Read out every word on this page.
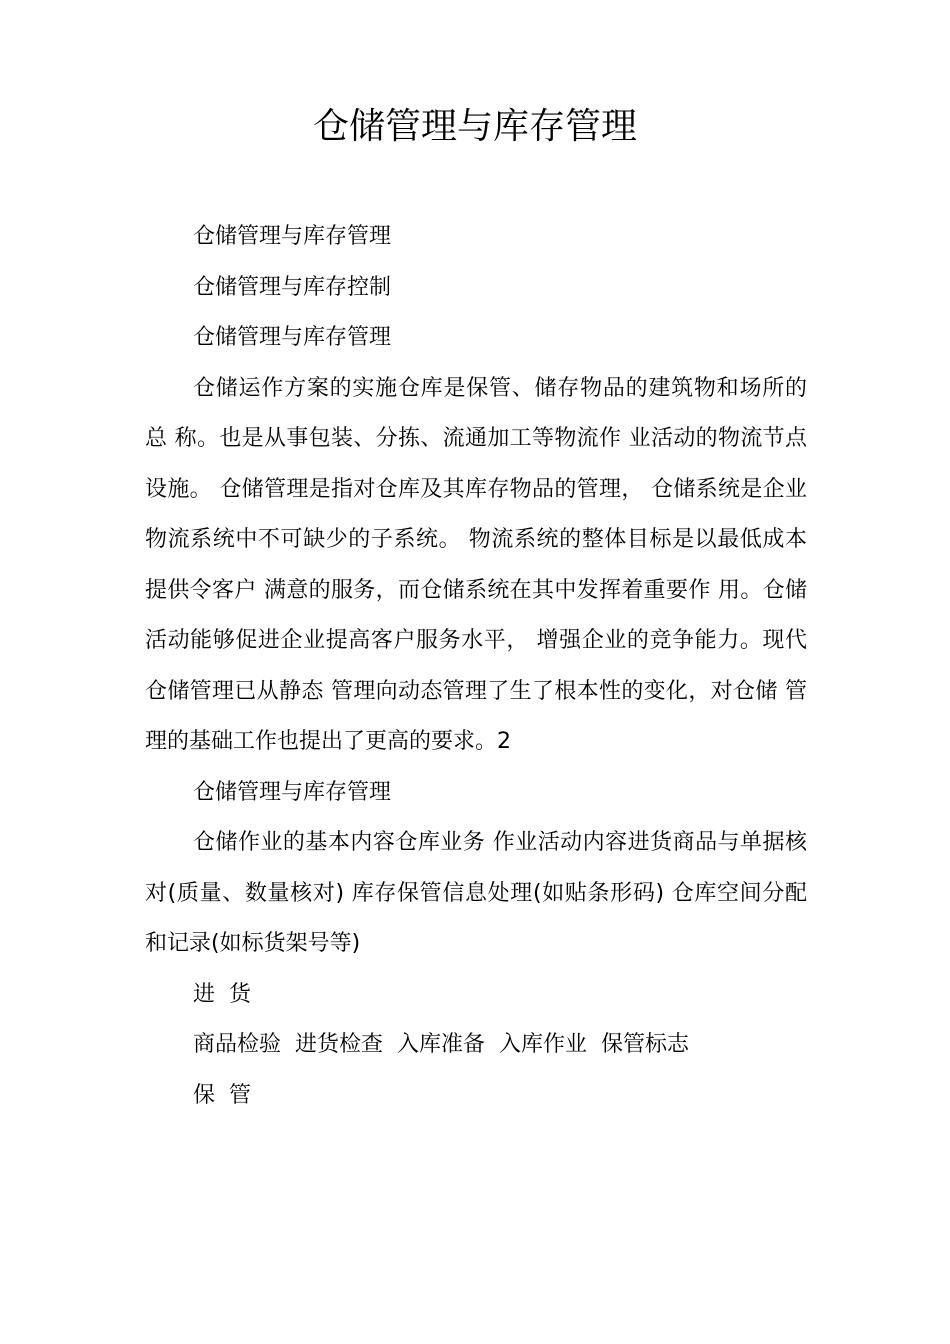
仓储管理与库存管理

仓储管理与库存管理

仓储管理与库存控制

仓储管理与库存管理

仓储运作方案的实施仓库是保管、储存物品的建筑物和场所的总 称。也是从事包装、分拣、流通加工等物流作 业活动的物流节点设施。 仓储管理是指对仓库及其库存物品的管理， 仓储系统是企业物流系统中不可缺少的子系统。 物流系统的整体目标是以最低成本提供令客户 满意的服务，而仓储系统在其中发挥着重要作 用。仓储活动能够促进企业提高客户服务水平， 增强企业的竞争能力。现代仓储管理已从静态 管理向动态管理了生了根本性的变化，对仓储 管理的基础工作也提出了更高的要求。2

仓储管理与库存管理

仓储作业的基本内容仓库业务 作业活动内容进货商品与单据核对(质量、数量核对) 库存保管信息处理(如贴条形码) 仓库空间分配和记录(如标货架号等)

进  货

商品检验  进货检查  入库准备  入库作业  保管标志

保  管
